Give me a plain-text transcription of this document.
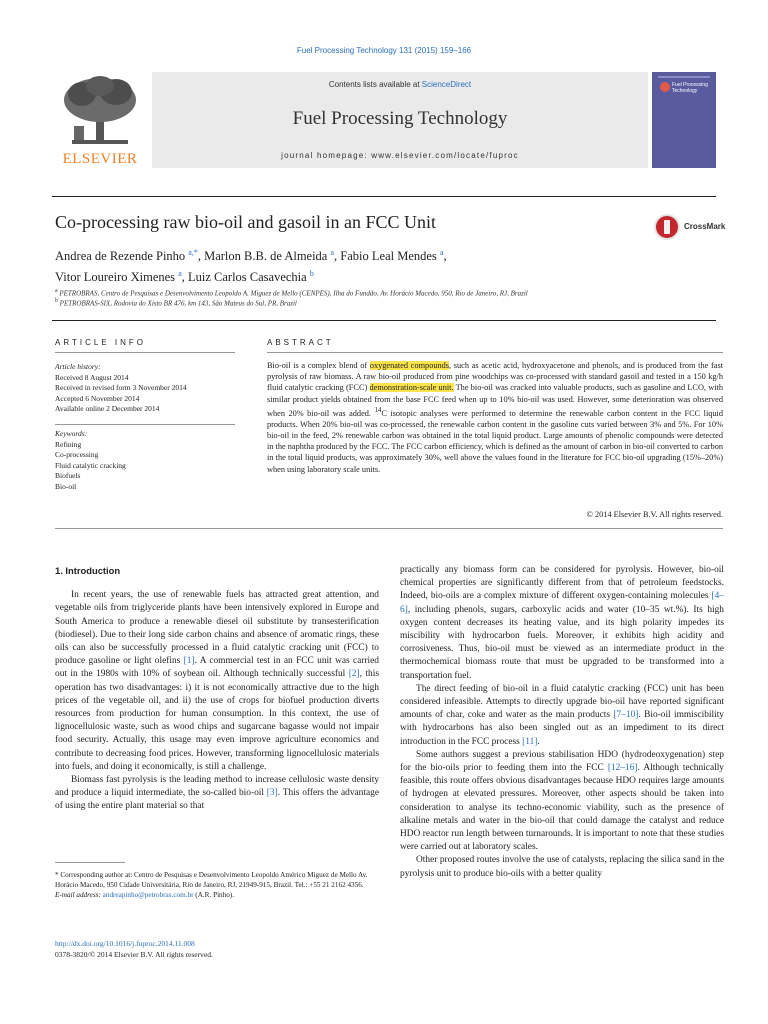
Fuel Processing Technology 131 (2015) 159–166
ELSEVIER
Contents lists available at ScienceDirect
Fuel Processing Technology
journal homepage: www.elsevier.com/locate/fuproc
Fuel Processing Technology
Co-processing raw bio-oil and gasoil in an FCC Unit	CrossMark
Andrea de Rezende Pinho $^{a,*}$, Marlon B.B. de Almeida $^a$, Fabio Leal Mendes $^a$,
Vitor Loureiro Ximenes $^a$, Luiz Carlos Casavechia $^b$
$^a$ PETROBRAS, Centro de Pesquisas e Desenvolvimento Leopoldo A. Miguez de Mello (CENPES), Ilha do Fundão, Av. Horácio Macedo, 950, Rio de Janeiro, RJ, Brazil
$^b$ PETROBRAS-SIX, Rodovia do Xisto BR 476, km 143, São Mateus do Sul, PR, Brazil
ARTICLE INFO
Article history:
Received 8 August 2014
Received in revised form 3 November 2014
Accepted 6 November 2014
Available online 2 December 2014
Keywords:
Refining
Co-processing
Fluid catalytic cracking
Biofuels
Bio-oil
ABSTRACT
Bio-oil is a complex blend of oxygenated compounds, such as acetic acid, hydroxyacetone and phenols, and is produced from the fast pyrolysis of raw biomass. A raw bio-oil produced from pine woodchips was co-processed with standard gasoil and tested in a 150 kg/h fluid catalytic cracking (FCC) demonstration-scale unit. The bio-oil was cracked into valuable products, such as gasoline and LCO, with similar product yields obtained from the base FCC feed when up to 10% bio-oil was used. However, some deterioration was observed when 20% bio-oil was added. $^{14}$C isotopic analyses were performed to determine the renewable carbon content in the FCC liquid products. When 20% bio-oil was co-processed, the renewable carbon content in the gasoline cuts varied between 3% and 5%. For 10% bio-oil in the feed, 2% renewable carbon was obtained in the total liquid product. Large amounts of phenolic compounds were detected in the naphtha produced by the FCC. The FCC carbon efficiency, which is defined as the amount of carbon in bio-oil converted to carbon in the total liquid products, was approximately 30%, well above the values found in the literature for FCC bio-oil upgrading (15%–20%) when using laboratory scale units.
© 2014 Elsevier B.V. All rights reserved.
1. Introduction

In recent years, the use of renewable fuels has attracted great attention, and vegetable oils from triglyceride plants have been intensively explored in Europe and South America to produce a renewable diesel oil substitute by transesterification (biodiesel). Due to their long side carbon chains and absence of aromatic rings, these oils can also be successfully processed in a fluid catalytic cracking unit (FCC) to produce gasoline or light olefins [1]. A commercial test in an FCC unit was carried out in the 1980s with 10% of soybean oil. Although technically successful [2], this operation has two disadvantages: i) it is not economically attractive due to the high prices of the vegetable oil, and ii) the use of crops for biofuel production diverts resources from production for human consumption. In this context, the use of lignocellulosic waste, such as wood chips and sugarcane bagasse would not impair food security. Actually, this usage may even improve agriculture economics and contribute to decreasing food prices. However, transforming lignocellulosic materials into fuels, and doing it economically, is still a challenge.

Biomass fast pyrolysis is the leading method to increase cellulosic waste density and produce a liquid intermediate, the so-called bio-oil [3]. This offers the advantage of using the entire plant material so that

* Corresponding author at: Centro de Pesquisas e Desenvolvimento Leopoldo Américo Miguez de Mello Av. Horácio Macedo, 950 Cidade Universitária, Rio de Janeiro, RJ, 21949-915, Brazil. Tel.: +55 21 2162 4356.
E-mail address: andreapinho@petrobras.com.br (A.R. Pinho).
http://dx.doi.org/10.1016/j.fuproc.2014.11.008
0378-3820/© 2014 Elsevier B.V. All rights reserved.

practically any biomass form can be considered for pyrolysis. However, bio-oil chemical properties are significantly different from that of petroleum feedstocks. Indeed, bio-oils are a complex mixture of different oxygen-containing molecules [4–6], including phenols, sugars, carboxylic acids and water (10–35 wt.%). Its high oxygen content decreases its heating value, and its high polarity impedes its miscibility with hydrocarbon fuels. Moreover, it exhibits high acidity and corrosiveness. Thus, bio-oil must be viewed as an intermediate product in the thermochemical biomass route that must be upgraded to be transformed into a transportation fuel.

The direct feeding of bio-oil in a fluid catalytic cracking (FCC) unit has been considered infeasible. Attempts to directly upgrade bio-oil have reported significant amounts of char, coke and water as the main products [7–10]. Bio-oil immiscibility with hydrocarbons has also been singled out as an impediment to its direct introduction in the FCC process [11].

Some authors suggest a previous stabilisation HDO (hydrodeoxygenation) step for the bio-oils prior to feeding them into the FCC [12–16]. Although technically feasible, this route offers obvious disadvantages because HDO requires large amounts of hydrogen at elevated pressures. Moreover, other aspects should be taken into consideration to analyse its techno-economic viability, such as the presence of alkaline metals and water in the bio-oil that could damage the catalyst and reduce HDO reactor run length between turnarounds. It is important to note that these studies were carried out at laboratory scales.

Other proposed routes involve the use of catalysts, replacing the silica sand in the pyrolysis unit to produce bio-oils with a better quality
